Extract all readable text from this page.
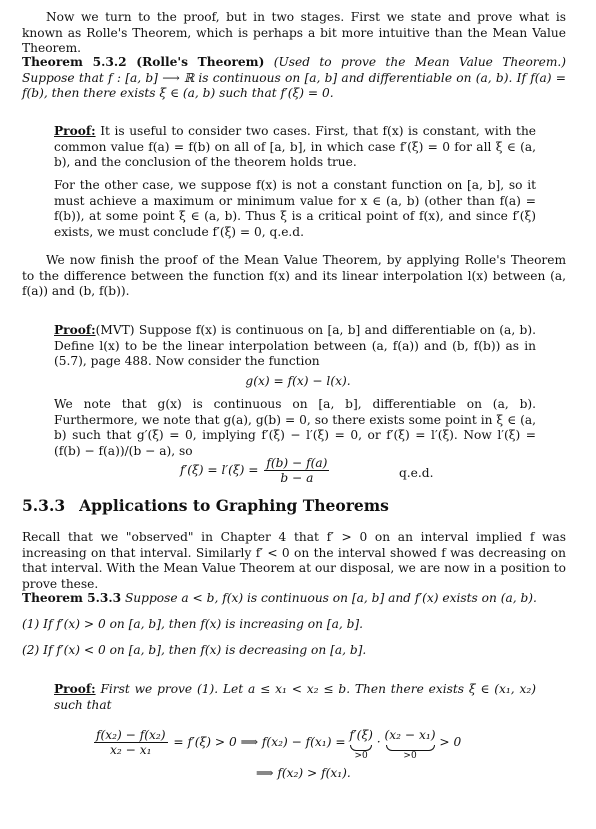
Now we turn to the proof, but in two stages. First we state and prove what is known as Rolle's Theorem, which is perhaps a bit more intuitive than the Mean Value Theorem.

Theorem 5.3.2 (Rolle's Theorem) (Used to prove the Mean Value Theorem.) Suppose that f : [a, b] ⟶ ℝ is continuous on [a, b] and differentiable on (a, b). If f(a) = f(b), then there exists ξ ∈ (a, b) such that f′(ξ) = 0.

Proof: It is useful to consider two cases. First, that f(x) is constant, with the common value f(a) = f(b) on all of [a, b], in which case f′(ξ) = 0 for all ξ ∈ (a, b), and the conclusion of the theorem holds true.

For the other case, we suppose f(x) is not a constant function on [a, b], so it must achieve a maximum or minimum value for x ∈ (a, b) (other than f(a) = f(b)), at some point ξ ∈ (a, b). Thus ξ is a critical point of f(x), and since f′(ξ) exists, we must conclude f′(ξ) = 0, q.e.d.

We now finish the proof of the Mean Value Theorem, by applying Rolle's Theorem to the difference between the function f(x) and its linear interpolation l(x) between (a, f(a)) and (b, f(b)).

Proof:(MVT) Suppose f(x) is continuous on [a, b] and differentiable on (a, b). Define l(x) to be the linear interpolation between (a, f(a)) and (b, f(b)) as in (5.7), page 488. Now consider the function

g(x) = f(x) − l(x).

We note that g(x) is continuous on [a, b], differentiable on (a, b). Furthermore, we note that g(a), g(b) = 0, so there exists some point in ξ ∈ (a, b) such that g′(ξ) = 0, implying f′(ξ) − l′(ξ) = 0, or f′(ξ) = l′(ξ). Now l′(ξ) = (f(b) − f(a))/(b − a), so

$f'(\xi) = l'(\xi) = \frac{f(b) - f(a)}{b - a}$	q.e.d.
5.3.3 Applications to Graphing Theorems

Recall that we "observed" in Chapter 4 that f′ > 0 on an interval implied f was increasing on that interval. Similarly f′ < 0 on the interval showed f was decreasing on that interval. With the Mean Value Theorem at our disposal, we are now in a position to prove these.

Theorem 5.3.3 Suppose a < b, f(x) is continuous on [a, b] and f′(x) exists on (a, b).

(1) If f′(x) > 0 on [a, b], then f(x) is increasing on [a, b].

(2) If f′(x) < 0 on [a, b], then f(x) is decreasing on [a, b].

Proof: First we prove (1). Let a ≤ x₁ < x₂ ≤ b. Then there exists ξ ∈ (x₁, x₂) such that

$\frac{\text{f(x₂) − f(x₂)}}{\text{x₂ − x₁}} = f'(\xi) > 0$ ⟹ f(x₂) − f(x₁) = f′(ξ)
>0
· (x₂ − x₁)
>0
> 0
⟹ f(x₂) > f(x₁).
